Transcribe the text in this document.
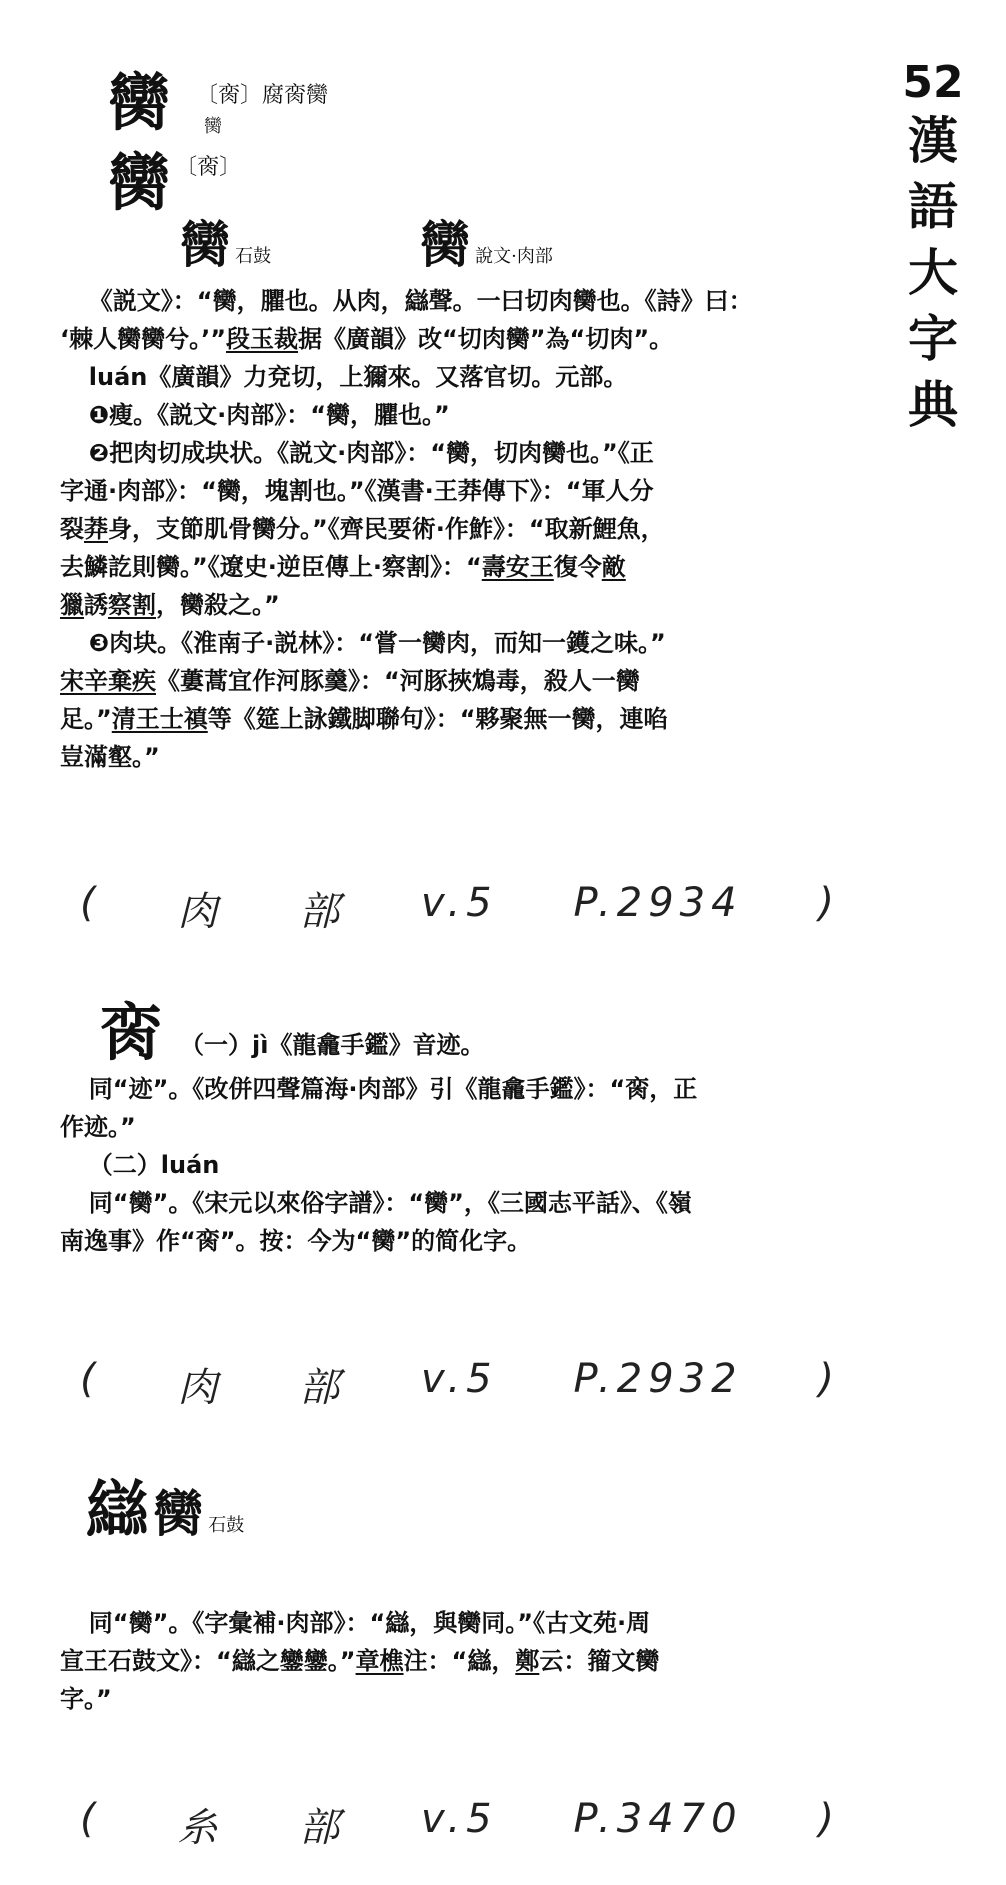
52
漢
語
大
字
典
臠 〔脔〕腐脔臠
臠
臠 〔脔〕
臠 石鼓	臠 說文·肉部

《説文》：“臠，臞也。从肉，䜌聲。一曰切肉臠也。《詩》曰：

‘棘人臠臠兮。’”段玉裁据《廣韻》改“切肉臠”為“切肉”。

luán《廣韻》力兗切，上獮來。又落官切。元部。

❶瘦。《説文·肉部》：“臠，臞也。”

❷把肉切成块状。《説文·肉部》：“臠，切肉臠也。”《正

字通·肉部》：“臠，塊割也。”《漢書·王莽傳下》：“軍人分

裂莽身，支節肌骨臠分。”《齊民要術·作鮓》：“取新鯉魚，

去鱗訖則臠。”《遼史·逆臣傳上·察割》：“壽安王復令敵

獵誘察割，臠殺之。”

❸肉块。《淮南子·説林》：“嘗一臠肉，而知一鑊之味。”

宋辛棄疾《蔞蒿宜作河豚羹》：“河豚挾鴆毒，殺人一臠

足。”清王士禛等《筵上詠鐵脚聯句》：“夥聚無一臠，連啗

豈滿壑。”

( 肉 部 v.5 P.2934 )
脔 （一）jì《龍龕手鑑》音迹。

同“迹”。《改併四聲篇海·肉部》引《龍龕手鑑》：“脔，正

作迹。”

（二）luán

同“臠”。《宋元以來俗字譜》：“臠”，《三國志平話》、《嶺

南逸事》作“脔”。按：今为“臠”的简化字。

( 肉 部 v.5 P.2932 )
䜌 臠 石鼓

同“臠”。《字彙補·肉部》：“䜌，與臠同。”《古文苑·周

宣王石鼓文》：“䜌之鑾鑾。”章樵注：“䜌，鄭云：籀文臠

字。”

( 糸 部 v.5 P.3470 )
